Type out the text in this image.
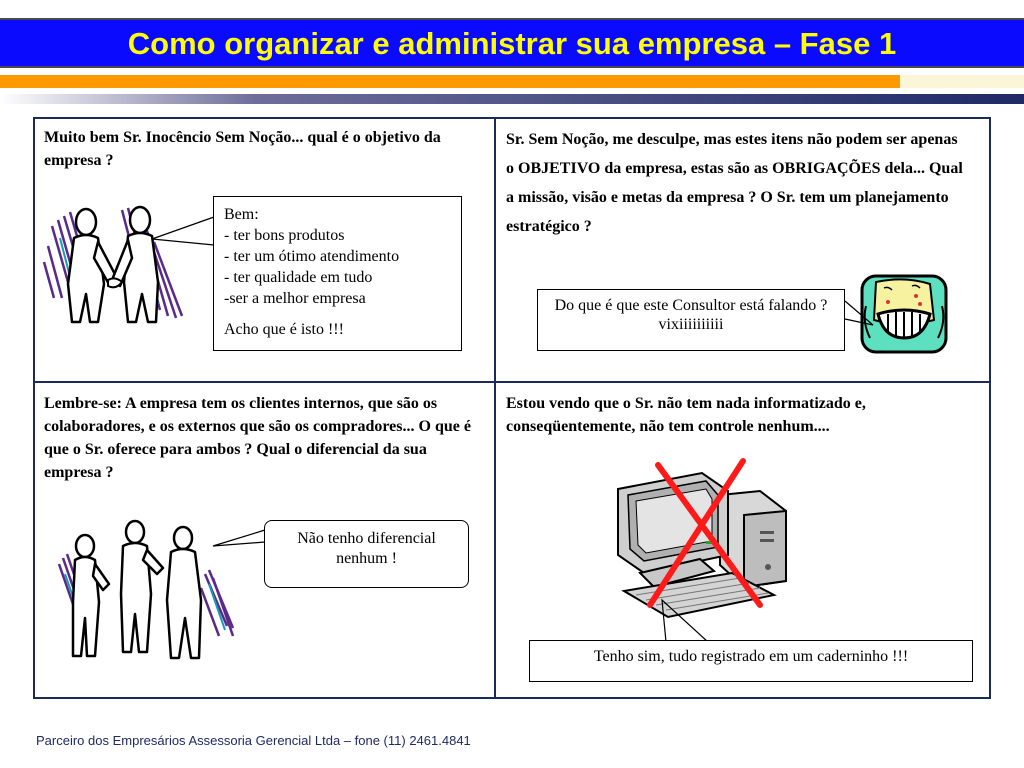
Como organizar e administrar sua empresa – Fase 1
Muito bem Sr. Inocêncio Sem Noção... qual é o objetivo da empresa ?
Sr. Sem Noção, me desculpe, mas estes itens não podem ser apenas o OBJETIVO da empresa, estas são as OBRIGAÇÕES dela... Qual a missão, visão e metas da empresa ? O Sr. tem um planejamento estratégico ?
Lembre-se: A empresa tem os clientes internos, que são os colaboradores, e os externos que são os compradores... O que é que o Sr. oferece para ambos ? Qual o diferencial da sua empresa ?
Estou vendo que o Sr. não tem nada informatizado e, conseqüentemente, não tem controle nenhum....
Bem:
- ter bons produtos
- ter um ótimo atendimento
- ter qualidade em tudo
-ser a melhor empresa
Acho que é isto !!!
Do que é que este Consultor está falando ? vixiiiiiiiiii
Não tenho diferencial nenhum !
Tenho sim, tudo registrado em um caderninho !!!
Parceiro dos Empresários Assessoria Gerencial Ltda – fone (11) 2461.4841
